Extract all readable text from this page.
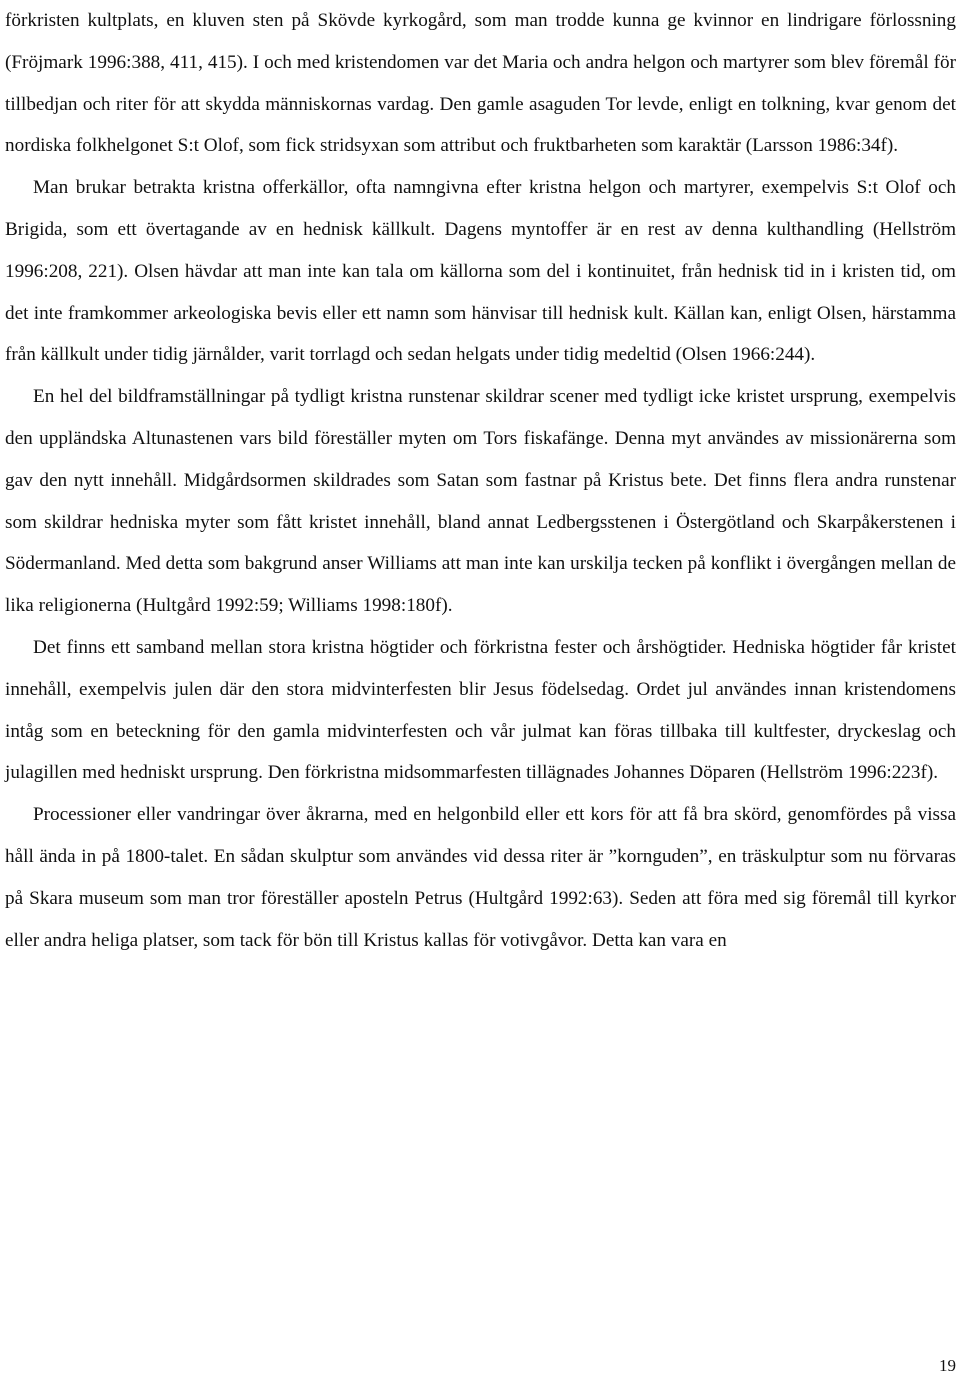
förkristen kultplats, en kluven sten på Skövde kyrkogård, som man trodde kunna ge kvinnor en lindrigare förlossning (Fröjmark 1996:388, 411, 415). I och med kristendomen var det Maria och andra helgon och martyrer som blev föremål för tillbedjan och riter för att skydda människornas vardag. Den gamle asaguden Tor levde, enligt en tolkning, kvar genom det nordiska folkhelgonet S:t Olof, som fick stridsyxan som attribut och fruktbarheten som karaktär (Larsson 1986:34f).

Man brukar betrakta kristna offerkällor, ofta namngivna efter kristna helgon och martyrer, exempelvis S:t Olof och Brigida, som ett övertagande av en hednisk källkult. Dagens myntoffer är en rest av denna kulthandling (Hellström 1996:208, 221). Olsen hävdar att man inte kan tala om källorna som del i kontinuitet, från hednisk tid in i kristen tid, om det inte framkommer arkeologiska bevis eller ett namn som hänvisar till hednisk kult. Källan kan, enligt Olsen, härstamma från källkult under tidig järnålder, varit torrlagd och sedan helgats under tidig medeltid (Olsen 1966:244).

En hel del bildframställningar på tydligt kristna runstenar skildrar scener med tydligt icke kristet ursprung, exempelvis den uppländska Altunastenen vars bild föreställer myten om Tors fiskafänge. Denna myt användes av missionärerna som gav den nytt innehåll. Midgårdsormen skildrades som Satan som fastnar på Kristus bete. Det finns flera andra runstenar som skildrar hedniska myter som fått kristet innehåll, bland annat Ledbergsstenen i Östergötland och Skarpåkerstenen i Södermanland. Med detta som bakgrund anser Williams att man inte kan urskilja tecken på konflikt i övergången mellan de lika religionerna (Hultgård 1992:59; Williams 1998:180f).

Det finns ett samband mellan stora kristna högtider och förkristna fester och årshögtider. Hedniska högtider får kristet innehåll, exempelvis julen där den stora midvinterfesten blir Jesus födelsedag. Ordet jul användes innan kristendomens intåg som en beteckning för den gamla midvinterfesten och vår julmat kan föras tillbaka till kultfester, dryckeslag och julagillen med hedniskt ursprung. Den förkristna midsommarfesten tillägnades Johannes Döparen (Hellström 1996:223f).

Processioner eller vandringar över åkrarna, med en helgonbild eller ett kors för att få bra skörd, genomfördes på vissa håll ända in på 1800-talet. En sådan skulptur som användes vid dessa riter är ”kornguden”, en träskulptur som nu förvaras på Skara museum som man tror föreställer aposteln Petrus (Hultgård 1992:63). Seden att föra med sig föremål till kyrkor eller andra heliga platser, som tack för bön till Kristus kallas för votivgåvor. Detta kan vara en

19
